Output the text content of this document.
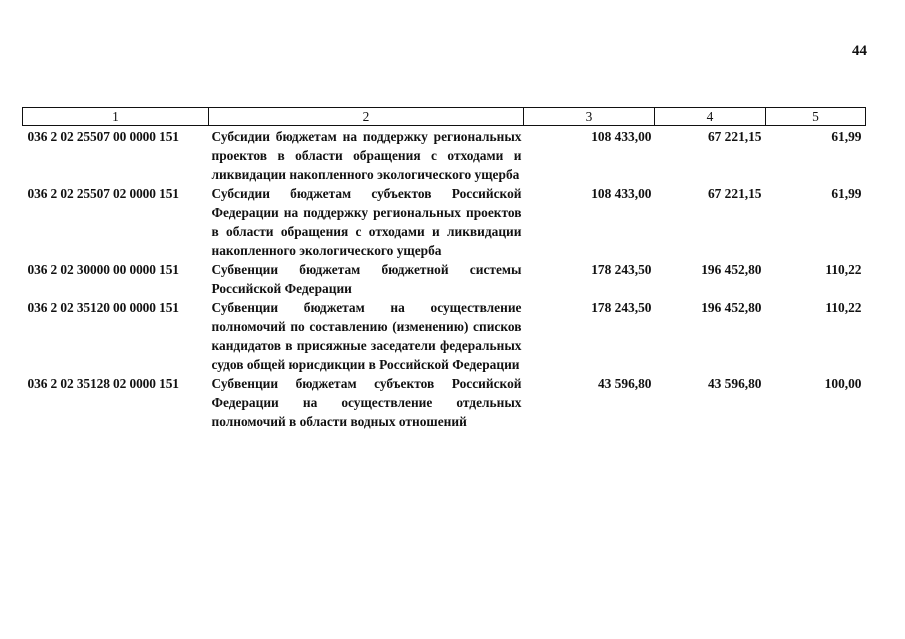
44
1	2	3	4	5
036 2 02 25507 00 0000 151	Субсидии бюджетам на поддержку региональных проектов в области обращения с отходами и ликвидации накопленного экологического ущерба	108 433,00	67 221,15	61,99
036 2 02 25507 02 0000 151	Субсидии бюджетам субъектов Российской Федерации на поддержку региональных проектов в области обращения с отходами и ликвидации накопленного экологического ущерба	108 433,00	67 221,15	61,99
036 2 02 30000 00 0000 151	Субвенции бюджетам бюджетной системы Российской Федерации	178 243,50	196 452,80	110,22
036 2 02 35120 00 0000 151	Субвенции бюджетам на осуществление полномочий по составлению (изменению) списков кандидатов в присяжные заседатели федеральных судов общей юрисдикции в Российской Федерации	178 243,50	196 452,80	110,22
036 2 02 35128 02 0000 151	Субвенции бюджетам субъектов Российской Федерации на осуществление отдельных полномочий в области водных отношений	43 596,80	43 596,80	100,00
